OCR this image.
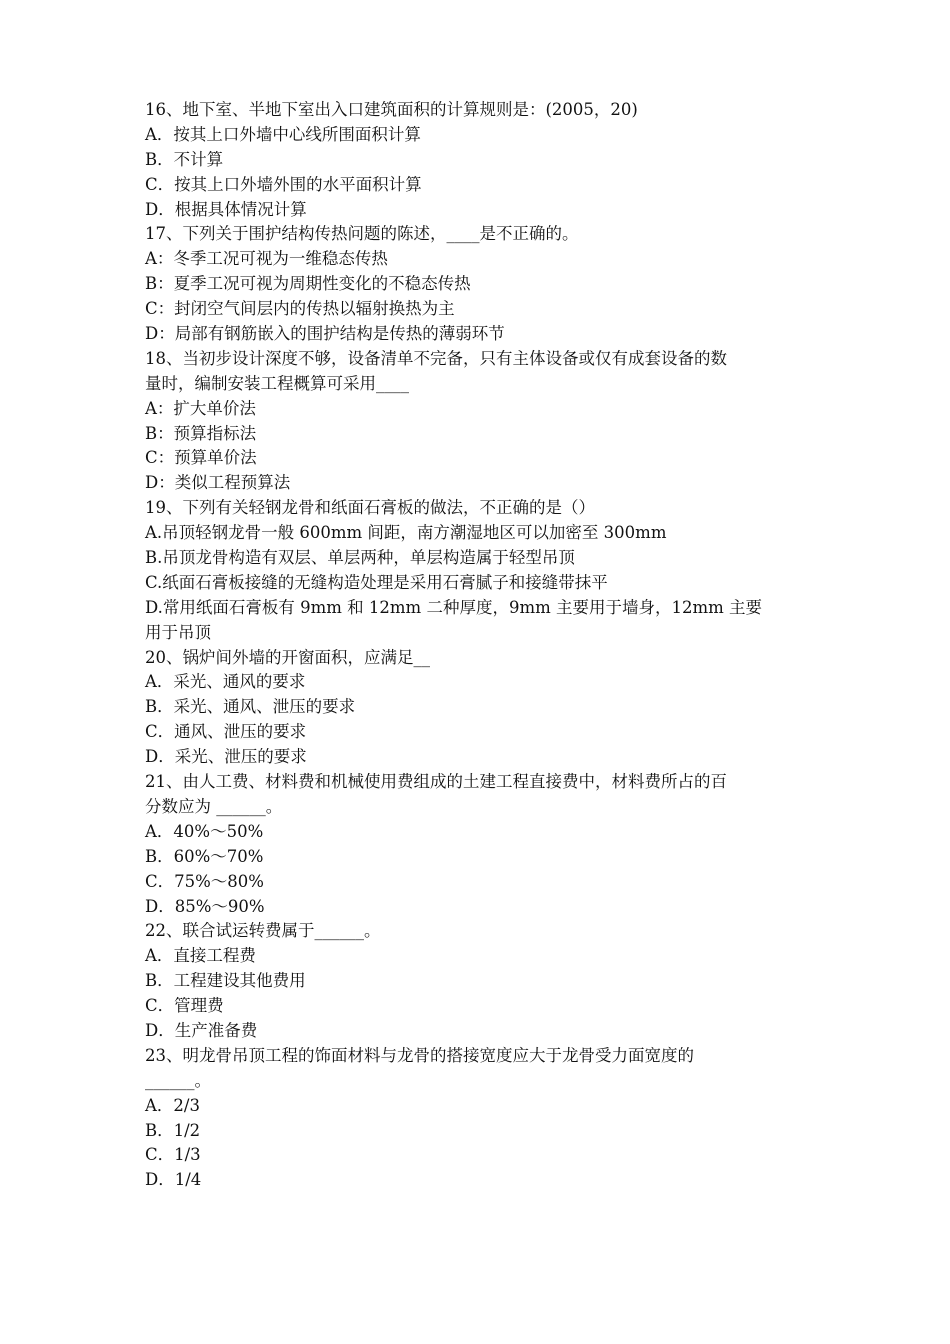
16、地下室、半地下室出入口建筑面积的计算规则是：(2005，20)
A．按其上口外墙中心线所围面积计算
B．不计算
C．按其上口外墙外围的水平面积计算
D．根据具体情况计算
17、下列关于围护结构传热问题的陈述，____是不正确的。
A：冬季工况可视为一维稳态传热
B：夏季工况可视为周期性变化的不稳态传热
C：封闭空气间层内的传热以辐射换热为主
D：局部有钢筋嵌入的围护结构是传热的薄弱环节
18、当初步设计深度不够，设备清单不完备，只有主体设备或仅有成套设备的数
量时，编制安装工程概算可采用____
A：扩大单价法
B：预算指标法
C：预算单价法
D：类似工程预算法
19、下列有关轻钢龙骨和纸面石膏板的做法，不正确的是（）
A.吊顶轻钢龙骨一般 600mm 间距，南方潮湿地区可以加密至 300mm
B.吊顶龙骨构造有双层、单层两种，单层构造属于轻型吊顶
C.纸面石膏板接缝的无缝构造处理是采用石膏腻子和接缝带抹平
D.常用纸面石膏板有 9mm 和 12mm 二种厚度，9mm 主要用于墙身，12mm 主要
用于吊顶
20、锅炉间外墙的开窗面积，应满足__
A．采光、通风的要求
B．采光、通风、泄压的要求
C．通风、泄压的要求
D．采光、泄压的要求
21、由人工费、材料费和机械使用费组成的土建工程直接费中，材料费所占的百
分数应为 ______。
A．40%～50%
B．60%～70%
C．75%～80%
D．85%～90%
22、联合试运转费属于______。
A．直接工程费
B．工程建设其他费用
C．管理费
D．生产准备费
23、明龙骨吊顶工程的饰面材料与龙骨的搭接宽度应大于龙骨受力面宽度的
______。
A．2/3
B．1/2
C．1/3
D．1/4
